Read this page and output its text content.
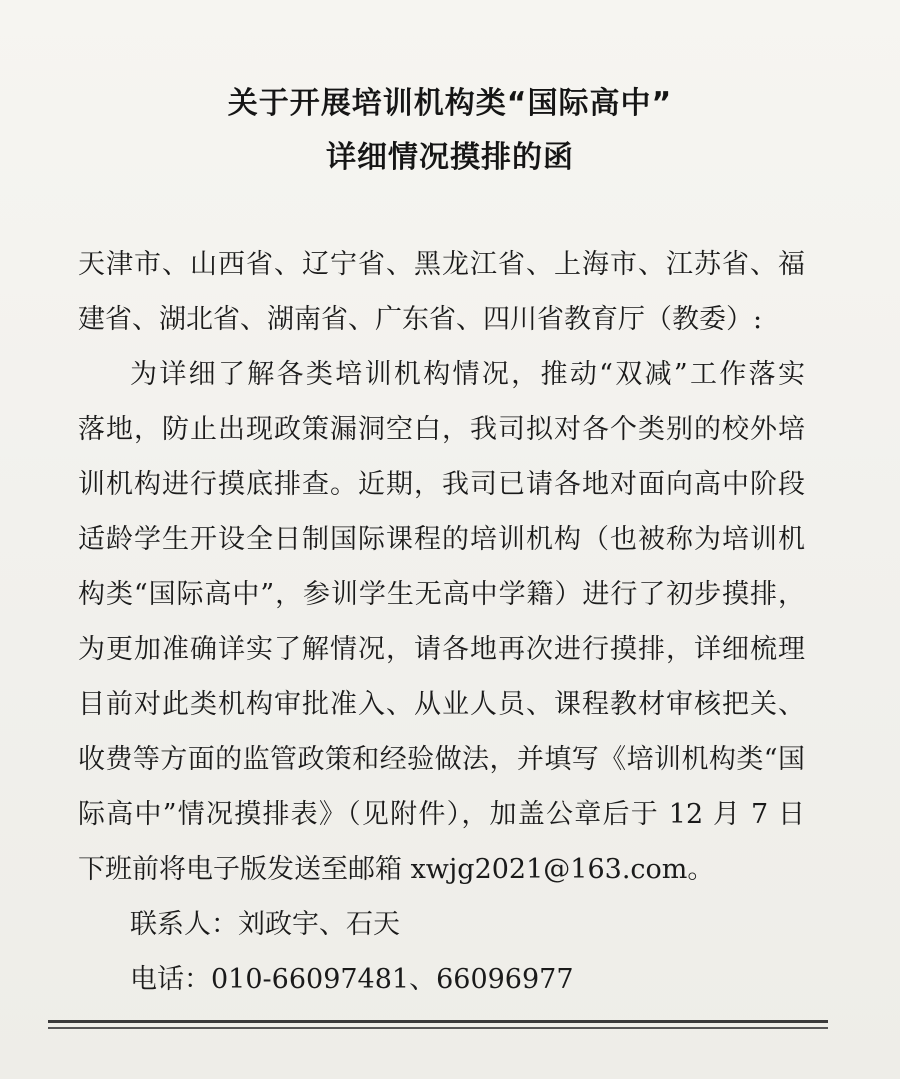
关于开展培训机构类“国际高中”
详细情况摸排的函
天津市、山西省、辽宁省、黑龙江省、上海市、江苏省、福
建省、湖北省、湖南省、广东省、四川省教育厅（教委）:
为详细了解各类培训机构情况，推动“双减”工作落实
落地，防止出现政策漏洞空白，我司拟对各个类别的校外培
训机构进行摸底排查。近期，我司已请各地对面向高中阶段
适龄学生开设全日制国际课程的培训机构（也被称为培训机
构类“国际高中”，参训学生无高中学籍）进行了初步摸排，
为更加准确详实了解情况，请各地再次进行摸排，详细梳理
目前对此类机构审批准入、从业人员、课程教材审核把关、
收费等方面的监管政策和经验做法，并填写《培训机构类“国
际高中”情况摸排表》（见附件），加盖公章后于 12 月 7 日
下班前将电子版发送至邮箱 xwjg2021@163.com。
联系人：刘政宇、石天
电话：010-66097481、66096977
